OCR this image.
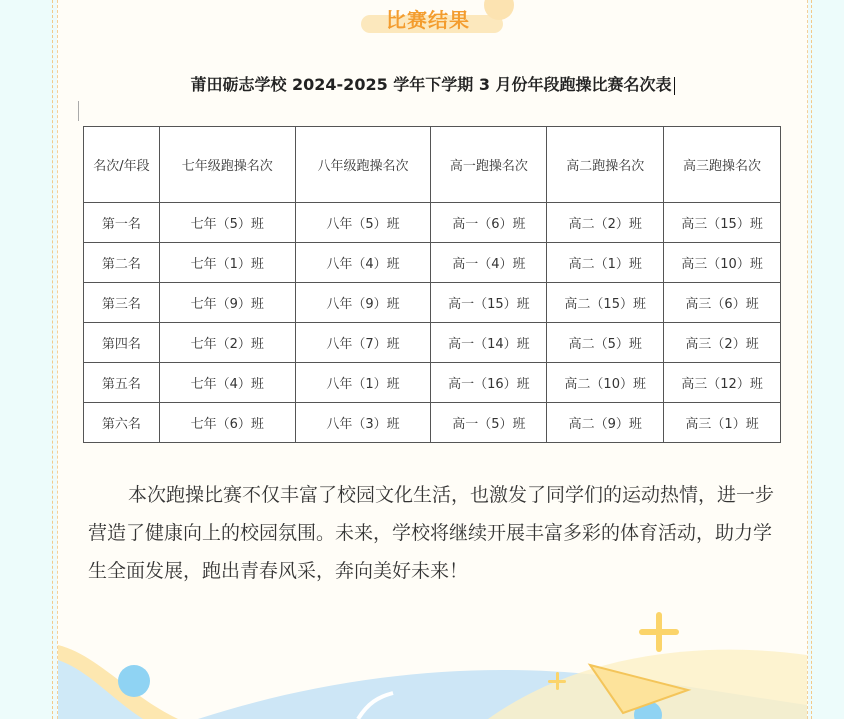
比赛结果
莆田砺志学校 2024-2025 学年下学期 3 月份年段跑操比赛名次表
名次/年段	七年级跑操名次	八年级跑操名次	高一跑操名次	高二跑操名次	高三跑操名次
第一名	七年（5）班	八年（5）班	高一（6）班	高二（2）班	高三（15）班
第二名	七年（1）班	八年（4）班	高一（4）班	高二（1）班	高三（10）班
第三名	七年（9）班	八年（9）班	高一（15）班	高二（15）班	高三（6）班
第四名	七年（2）班	八年（7）班	高一（14）班	高二（5）班	高三（2）班
第五名	七年（4）班	八年（1）班	高一（16）班	高二（10）班	高三（12）班
第六名	七年（6）班	八年（3）班	高一（5）班	高二（9）班	高三（1）班
本次跑操比赛不仅丰富了校园文化生活，也激发了同学们的运动热情，进一步营造了健康向上的校园氛围。未来，学校将继续开展丰富多彩的体育活动，助力学生全面发展，跑出青春风采，奔向美好未来！
